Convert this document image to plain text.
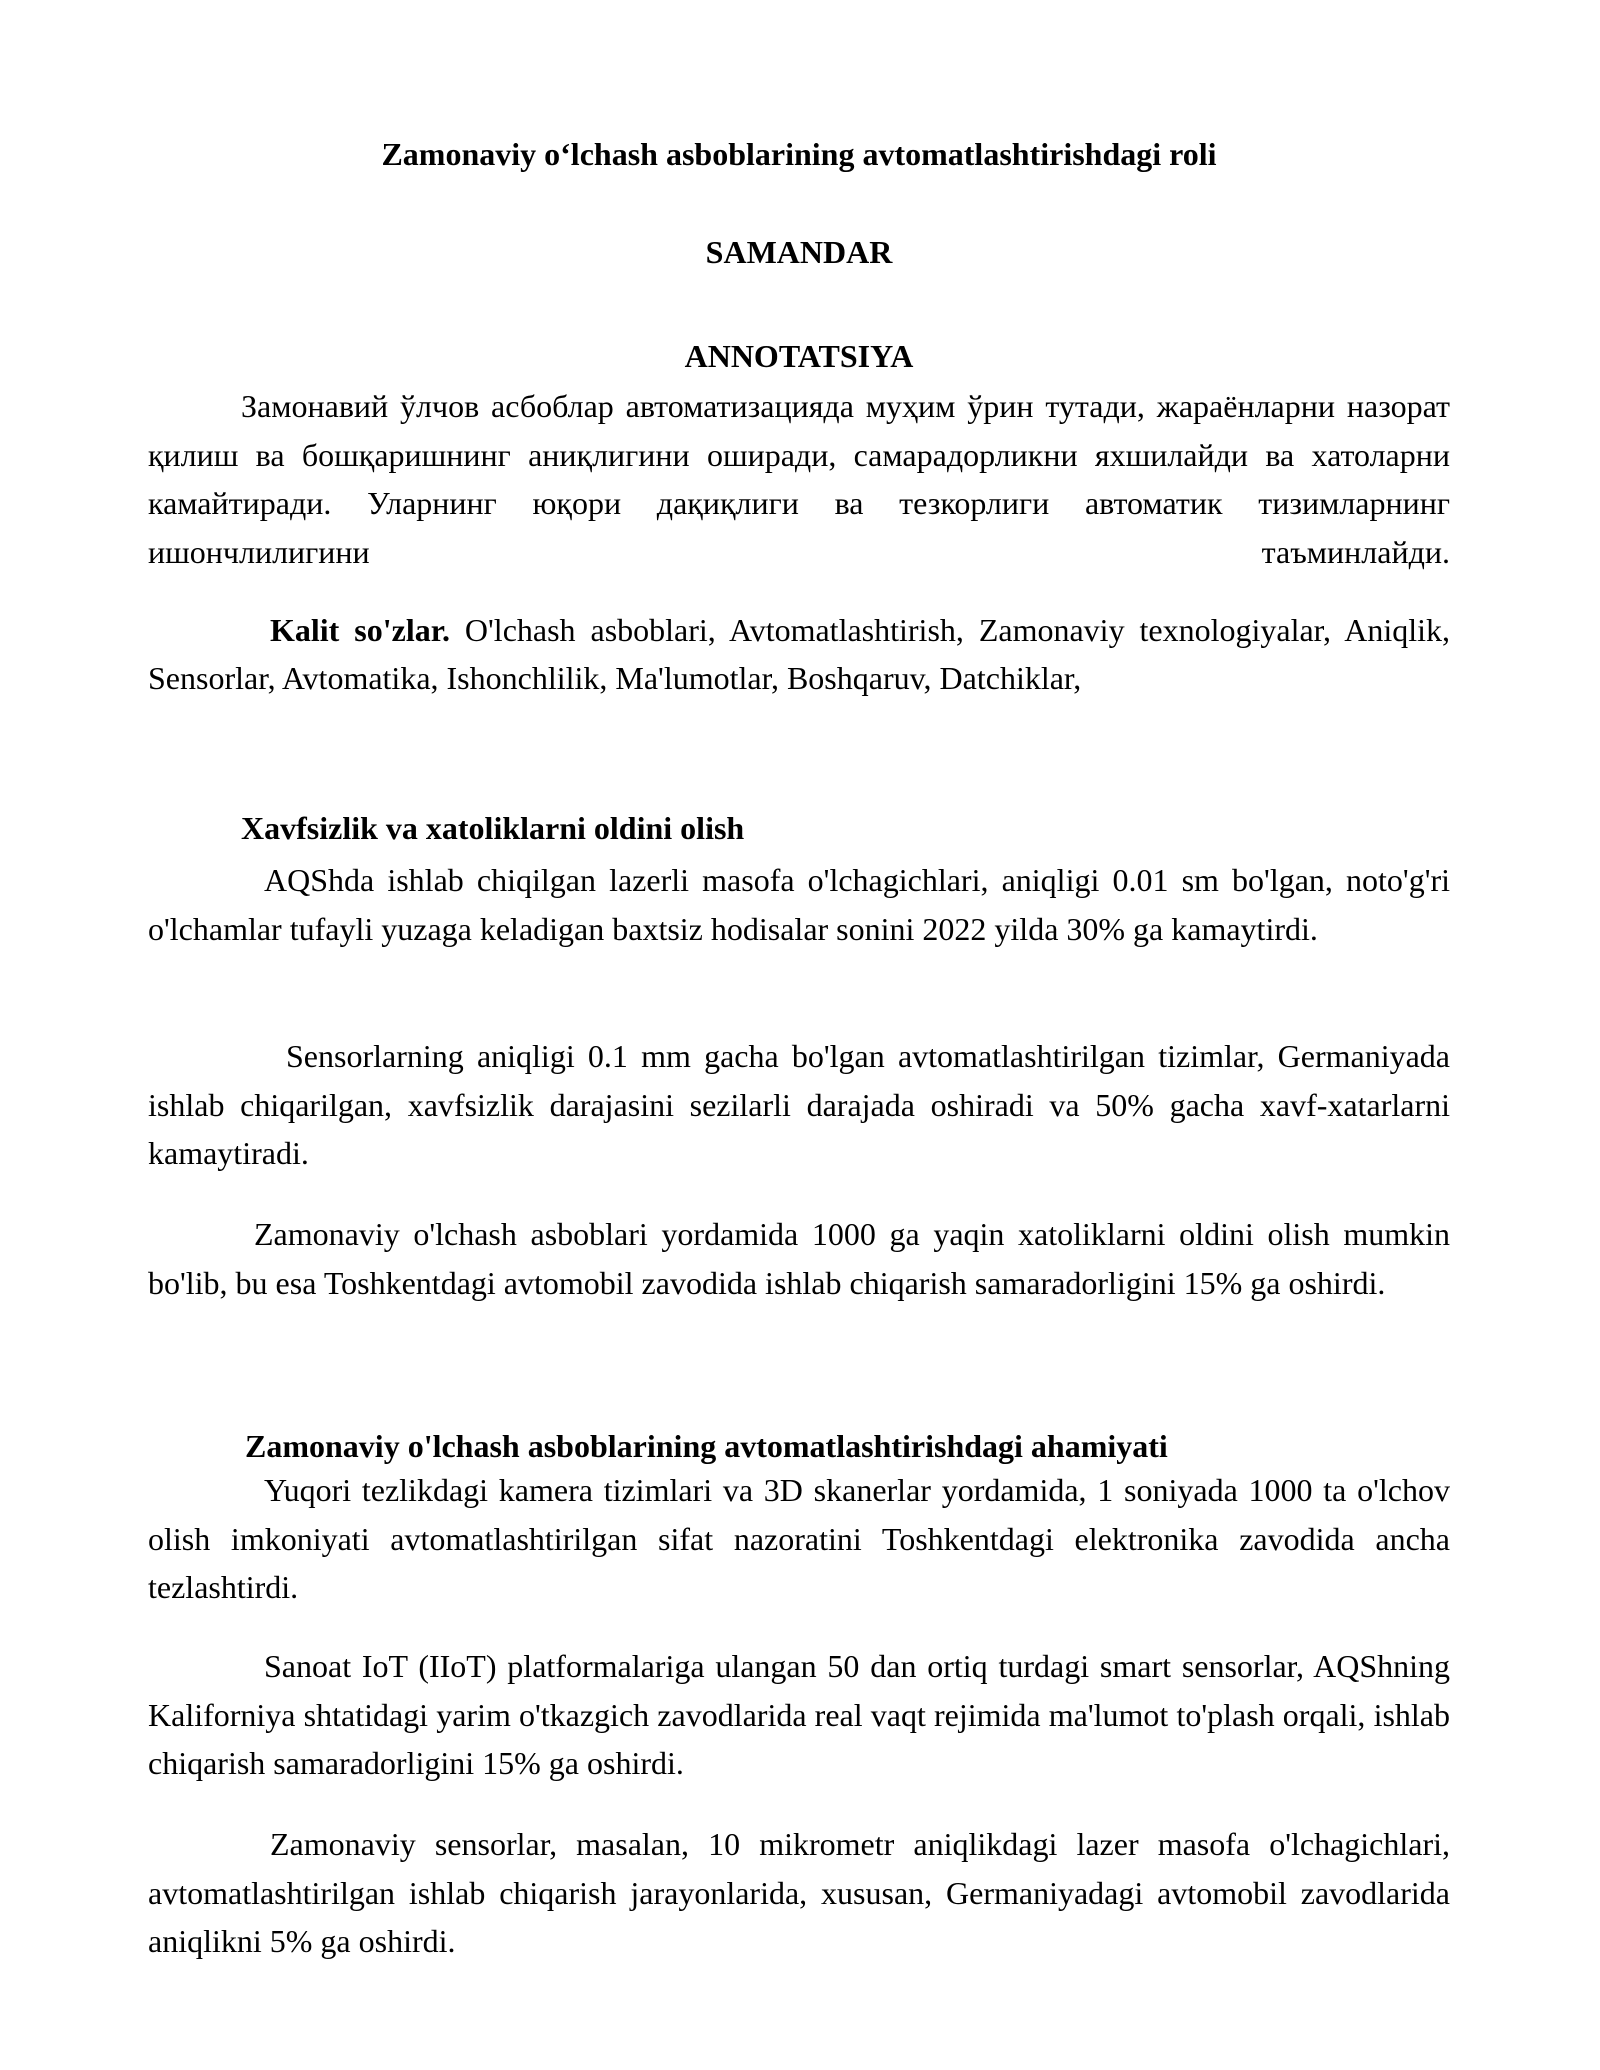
Zamonaviy o‘lchash asboblarining avtomatlashtirishdagi roli
SAMANDAR
ANNOTATSIYA

Замонавий ўлчов асбоблар автоматизацияда муҳим ўрин тутади, жараёнларни назорат қилиш ва бошқаришнинг аниқлигини оширади, самарадорликни яхшилайди ва хатоларни камайтиради. Уларнинг юқори дақиқлиги ва тезкорлиги автоматик тизимларнинг ишончлилигини таъминлайди.

Kalit so'zlar. O'lchash asboblari, Avtomatlashtirish, Zamonaviy texnologiyalar, Aniqlik, Sensorlar, Avtomatika, Ishonchlilik, Ma'lumotlar, Boshqaruv, Datchiklar,

Xavfsizlik va xatoliklarni oldini olish

AQShda ishlab chiqilgan lazerli masofa o'lchagichlari, aniqligi 0.01 sm bo'lgan, noto'g'ri o'lchamlar tufayli yuzaga keladigan baxtsiz hodisalar sonini 2022 yilda 30% ga kamaytirdi.

Sensorlarning aniqligi 0.1 mm gacha bo'lgan avtomatlashtirilgan tizimlar, Germaniyada ishlab chiqarilgan, xavfsizlik darajasini sezilarli darajada oshiradi va 50% gacha xavf-xatarlarni kamaytiradi.

Zamonaviy o'lchash asboblari yordamida 1000 ga yaqin xatoliklarni oldini olish mumkin bo'lib, bu esa Toshkentdagi avtomobil zavodida ishlab chiqarish samaradorligini 15% ga oshirdi.

Zamonaviy o'lchash asboblarining avtomatlashtirishdagi ahamiyati

Yuqori tezlikdagi kamera tizimlari va 3D skanerlar yordamida, 1 soniyada 1000 ta o'lchov olish imkoniyati avtomatlashtirilgan sifat nazoratini Toshkentdagi elektronika zavodida ancha tezlashtirdi.

Sanoat IoT (IIoT) platformalariga ulangan 50 dan ortiq turdagi smart sensorlar, AQShning Kaliforniya shtatidagi yarim o'tkazgich zavodlarida real vaqt rejimida ma'lumot to'plash orqali, ishlab chiqarish samaradorligini 15% ga oshirdi.

Zamonaviy sensorlar, masalan, 10 mikrometr aniqlikdagi lazer masofa o'lchagichlari, avtomatlashtirilgan ishlab chiqarish jarayonlarida, xususan, Germaniyadagi avtomobil zavodlarida aniqlikni 5% ga oshirdi.
